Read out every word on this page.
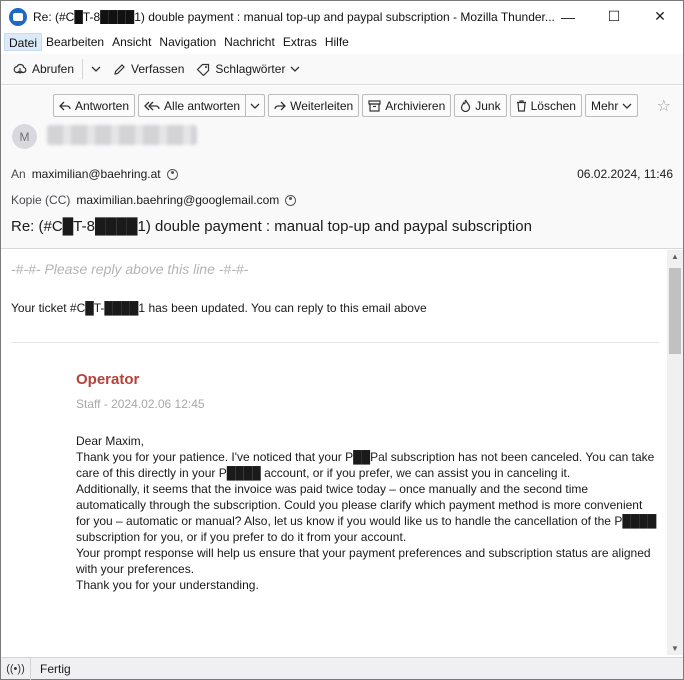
Re: (#C█T-8████1) double payment : manual top-up and paypal subscription - Mozilla Thunder... —	☐	✕
Datei Bearbeiten Ansicht Navigation Nachricht Extras Hilfe
Abrufen	Verfassen	Schlagwörter
Antworten	Alle antworten	Weiterleiten	Archivieren	Junk	Löschen Mehr ☆
M
An maximilian@baehring.at	06.02.2024, 11:46
Kopie (CC) maximilian.baehring@googlemail.com
Re: (#C█T-8████1) double payment : manual top-up and paypal subscription
-#-#- Please reply above this line -#-#-
Your ticket #C█T-████1 has been updated. You can reply to this email above
Operator
Staff - 2024.02.06 12:45

Dear Maxim,

Thank you for your patience. I've noticed that your P██Pal subscription has not been canceled. You can take care of this directly in your P████ account, or if you prefer, we can assist you in canceling it.

Additionally, it seems that the invoice was paid twice today – once manually and the second time automatically through the subscription. Could you please clarify which payment method is more convenient for you – automatic or manual? Also, let us know if you would like us to handle the cancellation of the P████ subscription for you, or if you prefer to do it from your account.

Your prompt response will help us ensure that your payment preferences and subscription status are aligned with your preferences.

Thank you for your understanding.

▲
▼
((•))	Fertig
